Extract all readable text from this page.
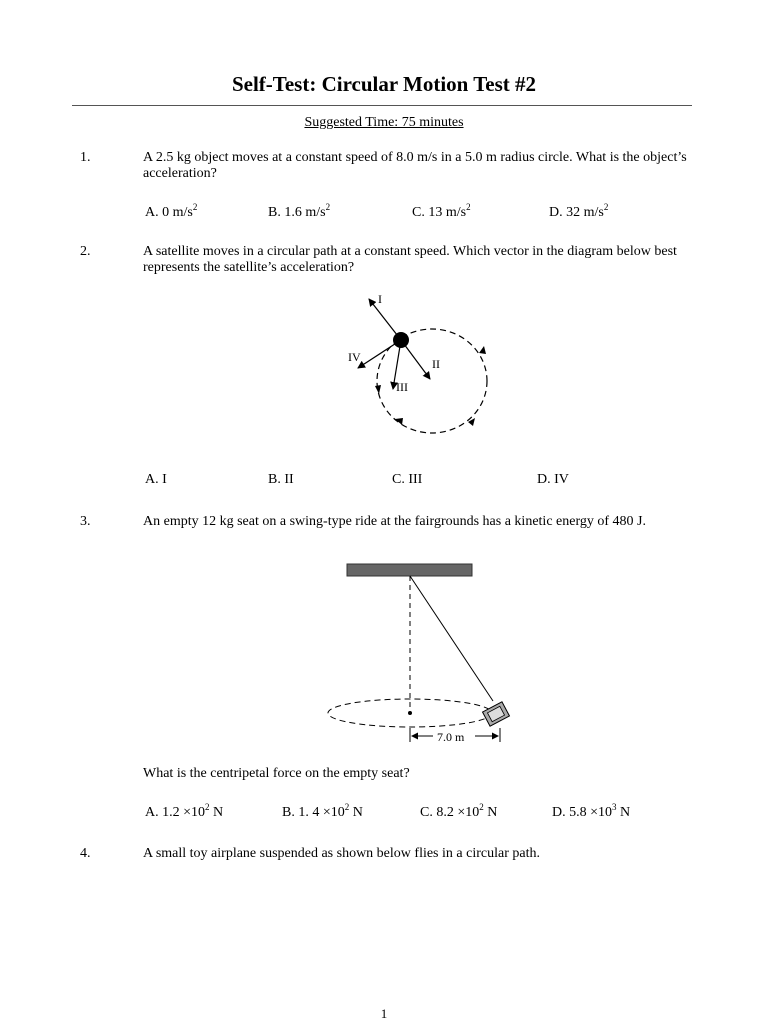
Self-Test: Circular Motion Test #2
Suggested Time: 75 minutes
1.	A 2.5 kg object moves at a constant speed of 8.0 m/s in a 5.0 m radius circle. What is the object’s acceleration?
A. 0 $m/s^2$	B. 1.6 $m/s^2$	C. 13 $m/s^2$	D. 32 $m/s^2$
2.	A satellite moves in a circular path at a constant speed. Which vector in the diagram below best represents the satellite’s acceleration?
I
II
III
IV
A. I	B. II	C. III	D. IV
3.	An empty 12 kg seat on a swing-type ride at the fairgrounds has a kinetic energy of 480 J.
7.0 m
What is the centripetal force on the empty seat?
A. $1.2 \times 10^2$ N	B. 1. $4 \times 10^2$ N	C. $8.2 \times 10^2$ N	D. $5.8 \times 10^3$ N
4.	A small toy airplane suspended as shown below flies in a circular path.
1
